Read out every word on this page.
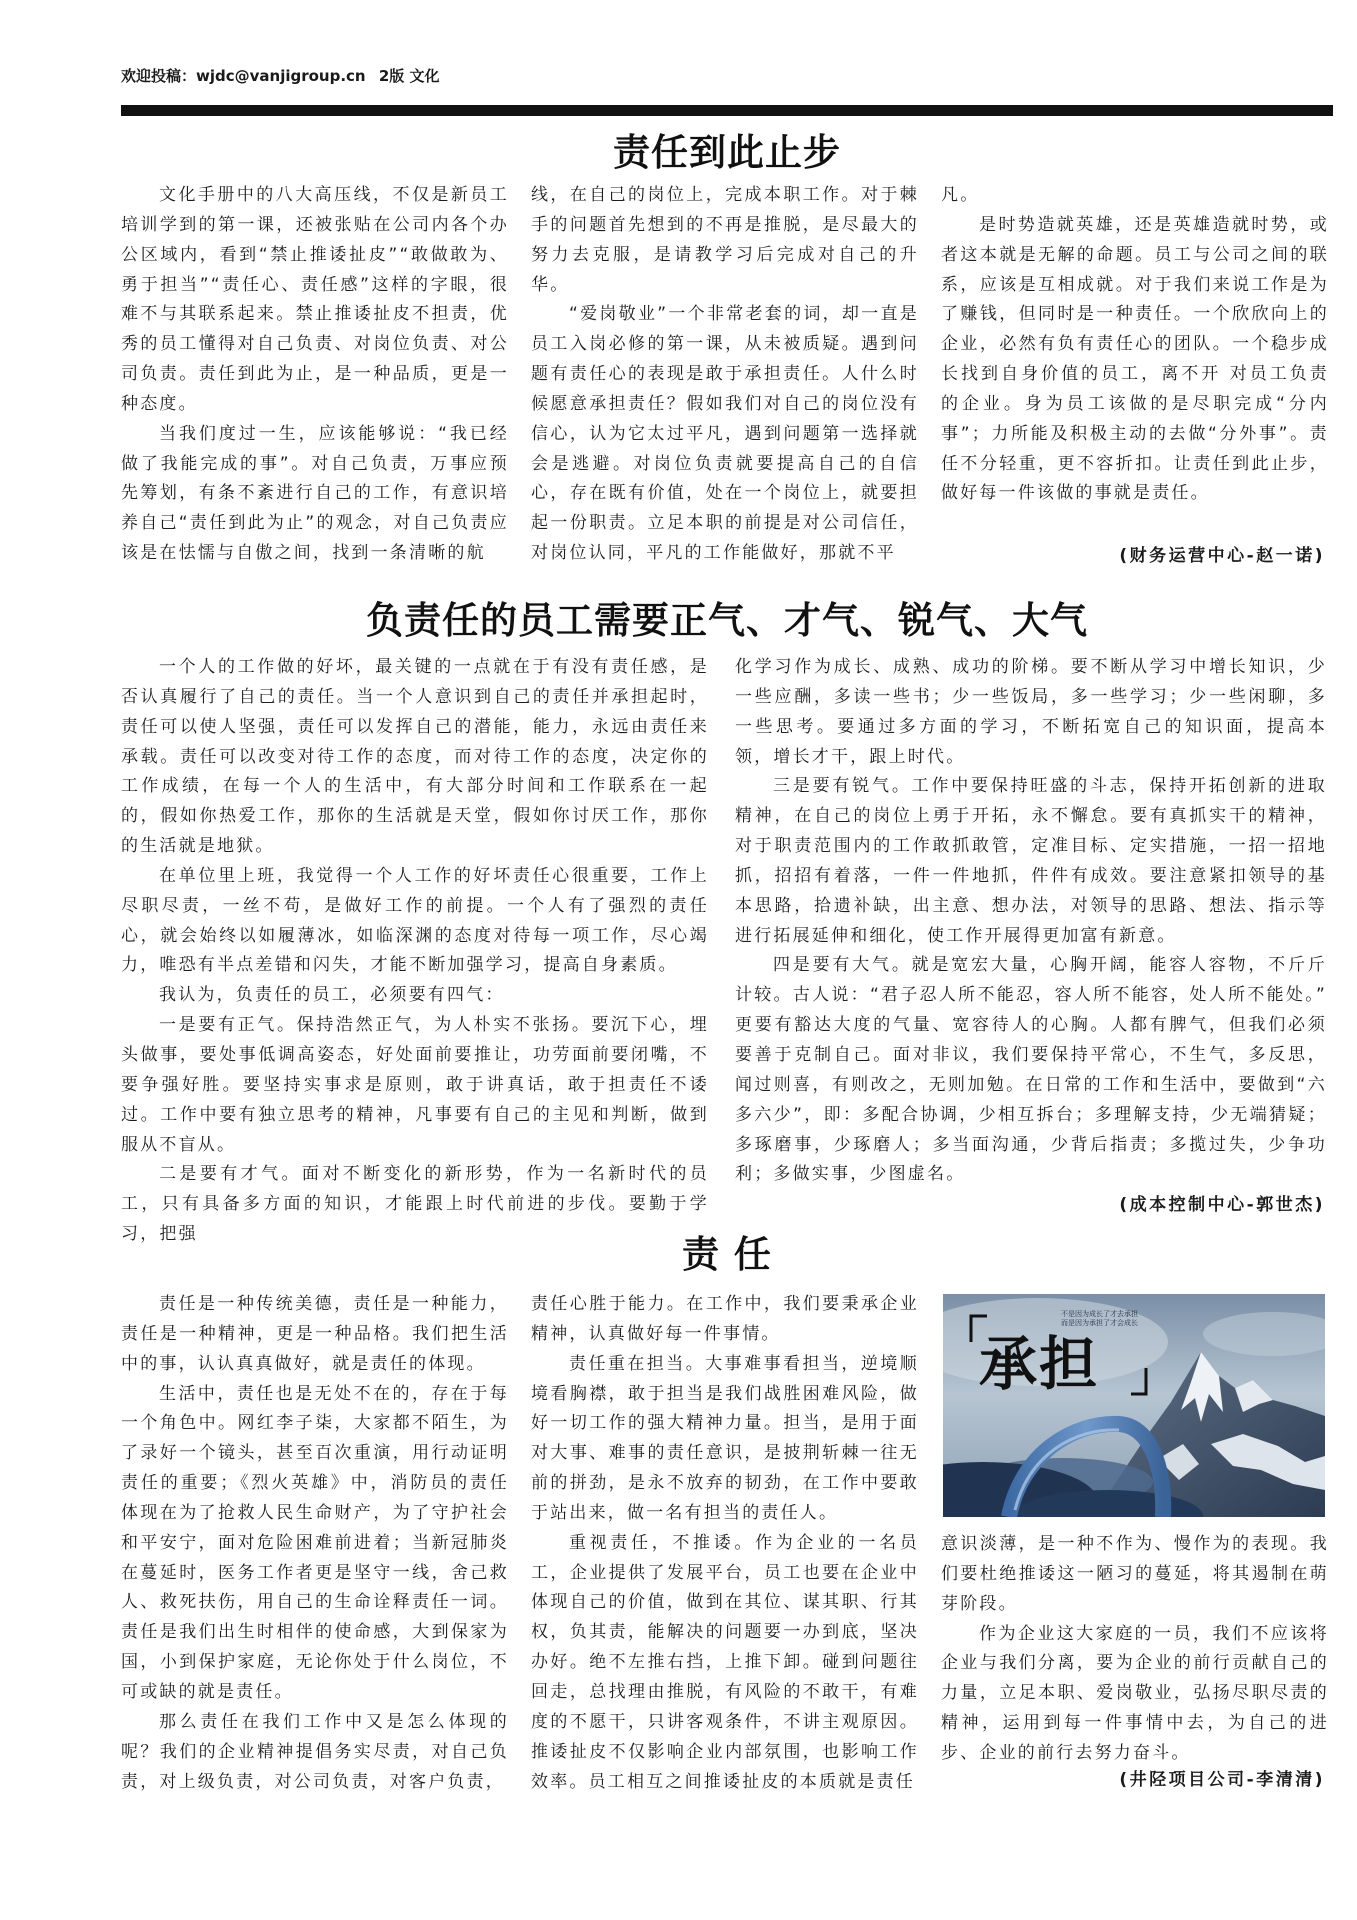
欢迎投稿：wjdc@vanjigroup.cn 2版 文化
责任到此止步

文化手册中的八大高压线，不仅是新员工培训学到的第一课，还被张贴在公司内各个办公区域内，看到“禁止推诿扯皮”“敢做敢为、勇于担当”“责任心、责任感”这样的字眼，很难不与其联系起来。禁止推诿扯皮不担责，优秀的员工懂得对自己负责、对岗位负责、对公司负责。责任到此为止，是一种品质，更是一种态度。

当我们度过一生，应该能够说：“我已经做了我能完成的事”。对自己负责，万事应预先筹划，有条不紊进行自己的工作，有意识培养自己“责任到此为止”的观念，对自己负责应该是在怯懦与自傲之间，找到一条清晰的航

线，在自己的岗位上，完成本职工作。对于棘手的问题首先想到的不再是推脱，是尽最大的努力去克服，是请教学习后完成对自己的升华。

“爱岗敬业”一个非常老套的词，却一直是员工入岗必修的第一课，从未被质疑。遇到问题有责任心的表现是敢于承担责任。人什么时候愿意承担责任？假如我们对自己的岗位没有信心，认为它太过平凡，遇到问题第一选择就会是逃避。对岗位负责就要提高自己的自信心，存在既有价值，处在一个岗位上，就要担起一份职责。立足本职的前提是对公司信任，对岗位认同，平凡的工作能做好，那就不平

凡。

是时势造就英雄，还是英雄造就时势，或者这本就是无解的命题。员工与公司之间的联系，应该是互相成就。对于我们来说工作是为了赚钱，但同时是一种责任。一个欣欣向上的企业，必然有负有责任心的团队。一个稳步成长找到自身价值的员工，离不开 对员工负责的企业。身为员工该做的是尽职完成“分内事”；力所能及积极主动的去做“分外事”。责任不分轻重，更不容折扣。让责任到此止步，做好每一件该做的事就是责任。

(财务运营中心-赵一诺)
负责任的员工需要正气、才气、锐气、大气

一个人的工作做的好坏，最关键的一点就在于有没有责任感，是否认真履行了自己的责任。当一个人意识到自己的责任并承担起时，责任可以使人坚强，责任可以发挥自己的潜能，能力，永远由责任来承载。责任可以改变对待工作的态度，而对待工作的态度，决定你的工作成绩，在每一个人的生活中，有大部分时间和工作联系在一起的，假如你热爱工作，那你的生活就是天堂，假如你讨厌工作，那你的生活就是地狱。

在单位里上班，我觉得一个人工作的好坏责任心很重要，工作上尽职尽责，一丝不苟，是做好工作的前提。一个人有了强烈的责任心，就会始终以如履薄冰，如临深渊的态度对待每一项工作，尽心竭力，唯恐有半点差错和闪失，才能不断加强学习，提高自身素质。

我认为，负责任的员工，必须要有四气：

一是要有正气。保持浩然正气，为人朴实不张扬。要沉下心，埋头做事，要处事低调高姿态，好处面前要推让，功劳面前要闭嘴，不要争强好胜。要坚持实事求是原则，敢于讲真话，敢于担责任不诿过。工作中要有独立思考的精神，凡事要有自己的主见和判断，做到服从不盲从。

二是要有才气。面对不断变化的新形势，作为一名新时代的员工，只有具备多方面的知识，才能跟上时代前进的步伐。要勤于学习，把强

化学习作为成长、成熟、成功的阶梯。要不断从学习中增长知识，少一些应酬，多读一些书；少一些饭局，多一些学习；少一些闲聊，多一些思考。要通过多方面的学习，不断拓宽自己的知识面，提高本领，增长才干，跟上时代。

三是要有锐气。工作中要保持旺盛的斗志，保持开拓创新的进取精神，在自己的岗位上勇于开拓，永不懈怠。要有真抓实干的精神，对于职责范围内的工作敢抓敢管，定准目标、定实措施，一招一招地抓，招招有着落，一件一件地抓，件件有成效。要注意紧扣领导的基本思路，拾遗补缺，出主意、想办法，对领导的思路、想法、指示等进行拓展延伸和细化，使工作开展得更加富有新意。

四是要有大气。就是宽宏大量，心胸开阔，能容人容物，不斤斤计较。古人说：“君子忍人所不能忍，容人所不能容，处人所不能处。”更要有豁达大度的气量、宽容待人的心胸。人都有脾气，但我们必须要善于克制自己。面对非议，我们要保持平常心，不生气，多反思，闻过则喜，有则改之，无则加勉。在日常的工作和生活中，要做到“六多六少”，即：多配合协调，少相互拆台；多理解支持，少无端猜疑；多琢磨事，少琢磨人；多当面沟通，少背后指责；多揽过失，少争功利；多做实事，少图虚名。

(成本控制中心-郭世杰)
责 任

责任是一种传统美德，责任是一种能力，责任是一种精神，更是一种品格。我们把生活中的事，认认真真做好，就是责任的体现。

生活中，责任也是无处不在的，存在于每一个角色中。网红李子柒，大家都不陌生，为了录好一个镜头，甚至百次重演，用行动证明责任的重要；《烈火英雄》中，消防员的责任体现在为了抢救人民生命财产，为了守护社会和平安宁，面对危险困难前进着；当新冠肺炎在蔓延时，医务工作者更是坚守一线，舍己救人、救死扶伤，用自己的生命诠释责任一词。责任是我们出生时相伴的使命感，大到保家为国，小到保护家庭，无论你处于什么岗位，不可或缺的就是责任。

那么责任在我们工作中又是怎么体现的呢？我们的企业精神提倡务实尽责，对自己负责，对上级负责，对公司负责，对客户负责，

责任心胜于能力。在工作中，我们要秉承企业精神，认真做好每一件事情。

责任重在担当。大事难事看担当，逆境顺境看胸襟，敢于担当是我们战胜困难风险，做好一切工作的强大精神力量。担当，是用于面对大事、难事的责任意识，是披荆斩棘一往无前的拼劲，是永不放弃的韧劲，在工作中要敢于站出来，做一名有担当的责任人。

重视责任，不推诿。作为企业的一名员工，企业提供了发展平台，员工也要在企业中体现自己的价值，做到在其位、谋其职、行其权，负其责，能解决的问题要一办到底，坚决办好。绝不左推右挡，上推下卸。碰到问题往回走，总找理由推脱，有风险的不敢干，有难度的不愿干，只讲客观条件，不讲主观原因。推诿扯皮不仅影响企业内部氛围，也影响工作效率。员工相互之间推诿扯皮的本质就是责任

承担
不是因为成长了才去承担
而是因为承担了才会成长

意识淡薄，是一种不作为、慢作为的表现。我们要杜绝推诿这一陋习的蔓延，将其遏制在萌芽阶段。

作为企业这大家庭的一员，我们不应该将企业与我们分离，要为企业的前行贡献自己的力量，立足本职、爱岗敬业，弘扬尽职尽责的精神，运用到每一件事情中去，为自己的进步、企业的前行去努力奋斗。

(井陉项目公司-李清清)
